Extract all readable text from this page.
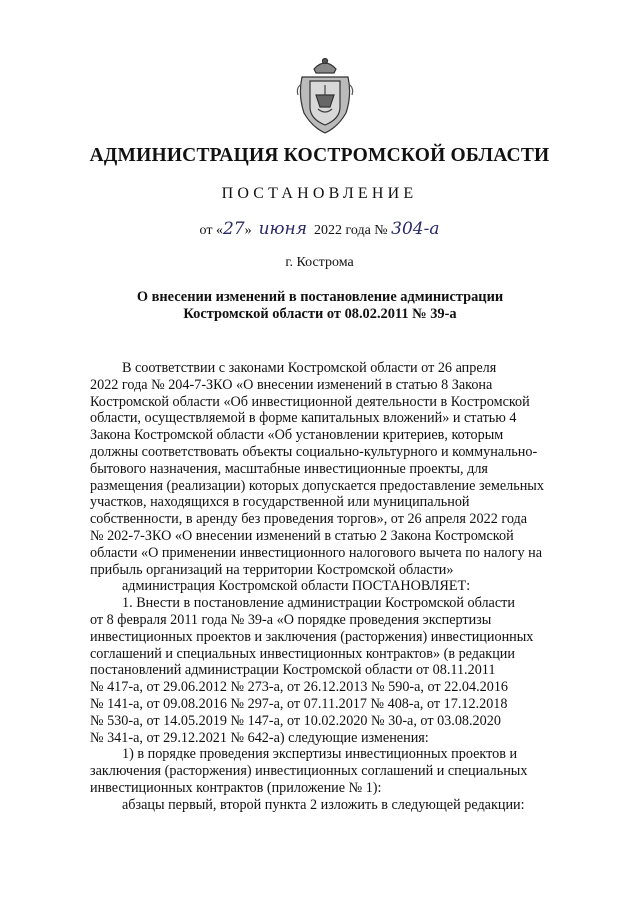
АДМИНИСТРАЦИЯ КОСТРОМСКОЙ ОБЛАСТИ
ПОСТАНОВЛЕНИЕ
от «27» июня 2022 года № 304-а
г. Кострома
О внесении изменений в постановление администрации
Костромской области от 08.02.2011 № 39-а

В соответствии с законами Костромской области от 26 апреля

2022 года № 204-7-ЗКО «О внесении изменений в статью 8 Закона

Костромской области «Об инвестиционной деятельности в Костромской

области, осуществляемой в форме капитальных вложений» и статью 4

Закона Костромской области «Об установлении критериев, которым

должны соответствовать объекты социально-культурного и коммунально-

бытового назначения, масштабные инвестиционные проекты, для

размещения (реализации) которых допускается предоставление земельных

участков, находящихся в государственной или муниципальной

собственности, в аренду без проведения торгов», от 26 апреля 2022 года

№ 202-7-ЗКО «О внесении изменений в статью 2 Закона Костромской

области «О применении инвестиционного налогового вычета по налогу на

прибыль организаций на территории Костромской области»

администрация Костромской области ПОСТАНОВЛЯЕТ:

1. Внести в постановление администрации Костромской области

от 8 февраля 2011 года № 39-а «О порядке проведения экспертизы

инвестиционных проектов и заключения (расторжения) инвестиционных

соглашений и специальных инвестиционных контрактов» (в редакции

постановлений администрации Костромской области от 08.11.2011

№ 417-а, от 29.06.2012 № 273-а, от 26.12.2013 № 590-а, от 22.04.2016

№ 141-а, от 09.08.2016 № 297-а, от 07.11.2017 № 408-а, от 17.12.2018

№ 530-а, от 14.05.2019 № 147-а, от 10.02.2020 № 30-а, от 03.08.2020

№ 341-а, от 29.12.2021 № 642-а) следующие изменения:

1) в порядке проведения экспертизы инвестиционных проектов и

заключения (расторжения) инвестиционных соглашений и специальных

инвестиционных контрактов (приложение № 1):

абзацы первый, второй пункта 2 изложить в следующей редакции:
